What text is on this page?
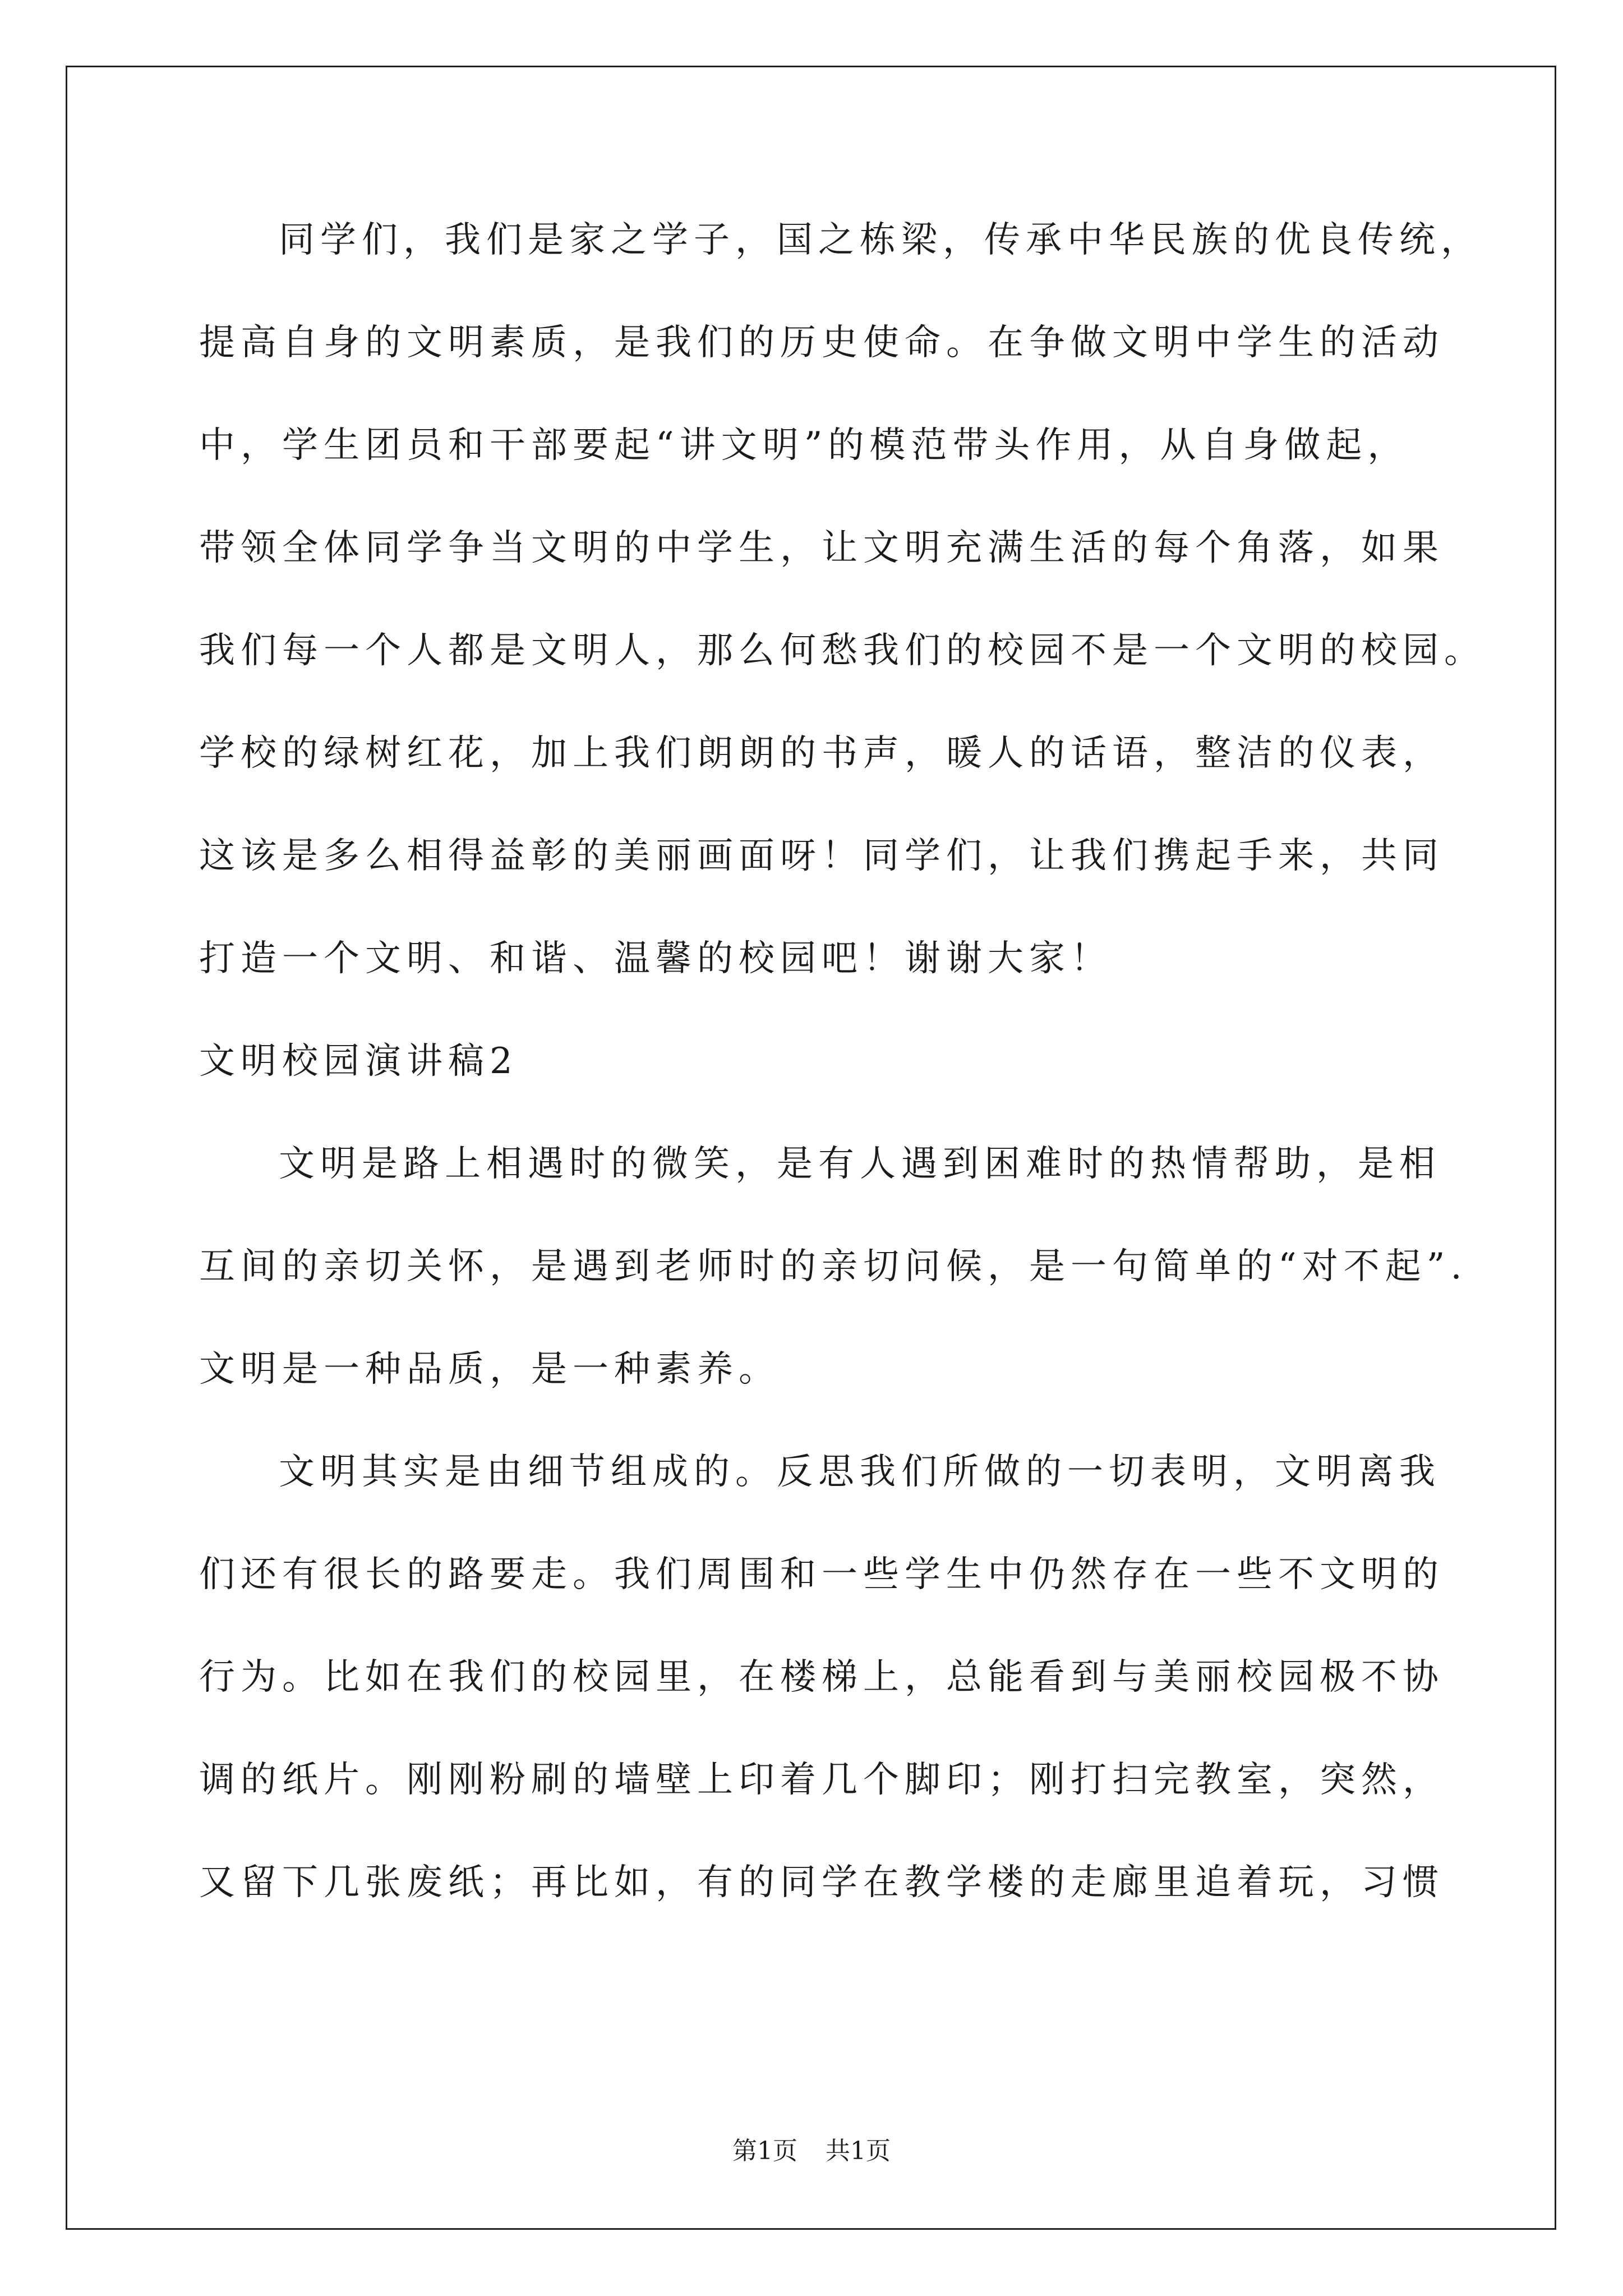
同学们，我们是家之学子，国之栋梁，传承中华民族的优良传统，
提高自身的文明素质，是我们的历史使命。在争做文明中学生的活动
中，学生团员和干部要起“讲文明”的模范带头作用，从自身做起，
带领全体同学争当文明的中学生，让文明充满生活的每个角落，如果
我们每一个人都是文明人，那么何愁我们的校园不是一个文明的校园。
学校的绿树红花，加上我们朗朗的书声，暖人的话语，整洁的仪表，
这该是多么相得益彰的美丽画面呀！同学们，让我们携起手来，共同
打造一个文明、和谐、温馨的校园吧！谢谢大家！
文明校园演讲稿2
文明是路上相遇时的微笑，是有人遇到困难时的热情帮助，是相
互间的亲切关怀，是遇到老师时的亲切问候，是一句简单的“对不起”.
文明是一种品质，是一种素养。
文明其实是由细节组成的。反思我们所做的一切表明，文明离我
们还有很长的路要走。我们周围和一些学生中仍然存在一些不文明的
行为。比如在我们的校园里，在楼梯上，总能看到与美丽校园极不协
调的纸片。刚刚粉刷的墙壁上印着几个脚印；刚打扫完教室，突然，
又留下几张废纸；再比如，有的同学在教学楼的走廊里追着玩，习惯
第1页 共1页
